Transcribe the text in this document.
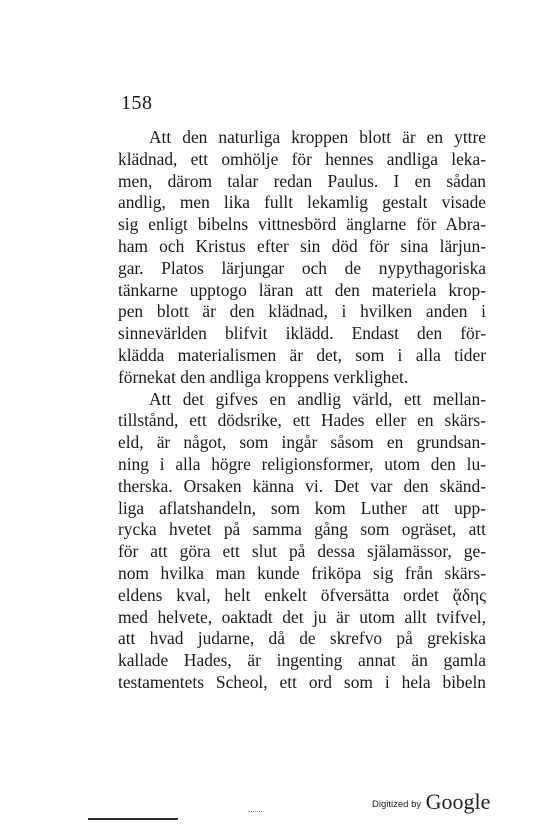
158
Att den naturliga kroppen blott är en yttre
klädnad, ett omhölje för hennes andliga leka-
men, därom talar redan Paulus. I en sådan
andlig, men lika fullt lekamlig gestalt visade
sig enligt bibelns vittnesbörd änglarne för Abra-
ham och Kristus efter sin död för sina lärjun-
gar. Platos lärjungar och de nypythagoriska
tänkarne upptogo läran att den materiela krop-
pen blott är den klädnad, i hvilken anden i
sinnevärlden blifvit iklädd. Endast den för-
klädda materialismen är det, som i alla tider
förnekat den andliga kroppens verklighet.
Att det gifves en andlig värld, ett mellan-
tillstånd, ett dödsrike, ett Hades eller en skärs-
eld, är något, som ingår såsom en grundsan-
ning i alla högre religionsformer, utom den lu-
therska. Orsaken känna vi. Det var den skänd-
liga aflatshandeln, som kom Luther att upp-
rycka hvetet på samma gång som ogräset, att
för att göra ett slut på dessa själamässor, ge-
nom hvilka man kunde friköpa sig från skärs-
eldens kval, helt enkelt öfversätta ordet ᾅδης
med helvete, oaktadt det ju är utom allt tvifvel,
att hvad judarne, då de skrefvo på grekiska
kallade Hades, är ingenting annat än gamla
testamentets Scheol, ett ord som i hela bibeln
Digitized by Google
